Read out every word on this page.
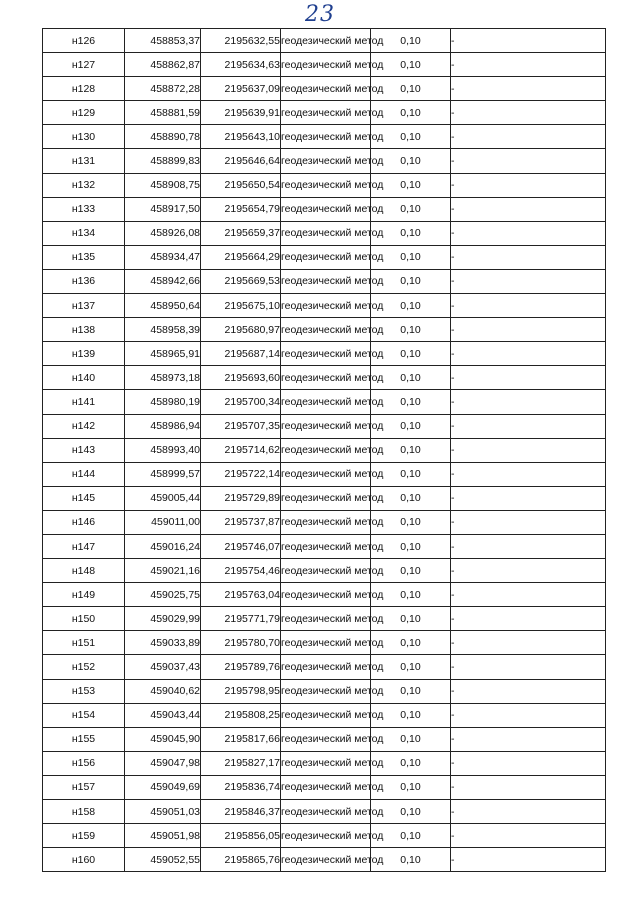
23
н126	458853,37	2195632,55	геодезический метод	0,10	-
н127	458862,87	2195634,63	геодезический метод	0,10	-
н128	458872,28	2195637,09	геодезический метод	0,10	-
н129	458881,59	2195639,91	геодезический метод	0,10	-
н130	458890,78	2195643,10	геодезический метод	0,10	-
н131	458899,83	2195646,64	геодезический метод	0,10	-
н132	458908,75	2195650,54	геодезический метод	0,10	-
н133	458917,50	2195654,79	геодезический метод	0,10	-
н134	458926,08	2195659,37	геодезический метод	0,10	-
н135	458934,47	2195664,29	геодезический метод	0,10	-
н136	458942,66	2195669,53	геодезический метод	0,10	-
н137	458950,64	2195675,10	геодезический метод	0,10	-
н138	458958,39	2195680,97	геодезический метод	0,10	-
н139	458965,91	2195687,14	геодезический метод	0,10	-
н140	458973,18	2195693,60	геодезический метод	0,10	-
н141	458980,19	2195700,34	геодезический метод	0,10	-
н142	458986,94	2195707,35	геодезический метод	0,10	-
н143	458993,40	2195714,62	геодезический метод	0,10	-
н144	458999,57	2195722,14	геодезический метод	0,10	-
н145	459005,44	2195729,89	геодезический метод	0,10	-
н146	459011,00	2195737,87	геодезический метод	0,10	-
н147	459016,24	2195746,07	геодезический метод	0,10	-
н148	459021,16	2195754,46	геодезический метод	0,10	-
н149	459025,75	2195763,04	геодезический метод	0,10	-
н150	459029,99	2195771,79	геодезический метод	0,10	-
н151	459033,89	2195780,70	геодезический метод	0,10	-
н152	459037,43	2195789,76	геодезический метод	0,10	-
н153	459040,62	2195798,95	геодезический метод	0,10	-
н154	459043,44	2195808,25	геодезический метод	0,10	-
н155	459045,90	2195817,66	геодезический метод	0,10	-
н156	459047,98	2195827,17	геодезический метод	0,10	-
н157	459049,69	2195836,74	геодезический метод	0,10	-
н158	459051,03	2195846,37	геодезический метод	0,10	-
н159	459051,98	2195856,05	геодезический метод	0,10	-
н160	459052,55	2195865,76	геодезический метод	0,10	-
